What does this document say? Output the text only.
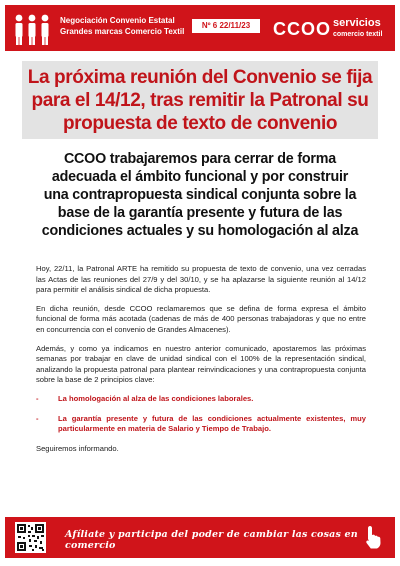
Negociación Convenio Estatal
Grandes marcas Comercio Textil
Nº 6 22/11/23	CCOO servicios
comercio textil
La próxima reunión del Convenio se fija
para el 14/12, tras remitir la Patronal su
propuesta de texto de convenio
CCOO trabajaremos para cerrar de forma
adecuada el ámbito funcional y por construir
una contrapropuesta sindical conjunta sobre la
base de la garantía presente y futura de las
condiciones actuales y su homologación al alza

Hoy, 22/11, la Patronal ARTE ha remitido su propuesta de texto de convenio, una vez cerradas las Actas de las reuniones del 27/9 y del 30/10, y se ha aplazarse la siguiente reunión al 14/12 para permitir el análisis sindical de dicha propuesta.

En dicha reunión, desde CCOO reclamaremos que se defina de forma expresa el ámbito funcional de forma más acotada (cadenas de más de 400 personas trabajadoras y que no entre en concurrencia con el convenio de Grandes Almacenes).

Además, y como ya indicamos en nuestro anterior comunicado, apostaremos las próximas semanas por trabajar en clave de unidad sindical con el 100% de la representación sindical, analizando la propuesta patronal para plantear reinvindicaciones y una contrapropuesta conjunta sobre la base de 2 principios clave:

-	La homologación al alza de las condiciones laborales.
-	La garantía presente y futura de las condiciones actualmente existentes, muy particularmente en materia de Salario y Tiempo de Trabajo.

Seguiremos informando.

Afíliate y participa del poder de cambiar las cosas en comercio
